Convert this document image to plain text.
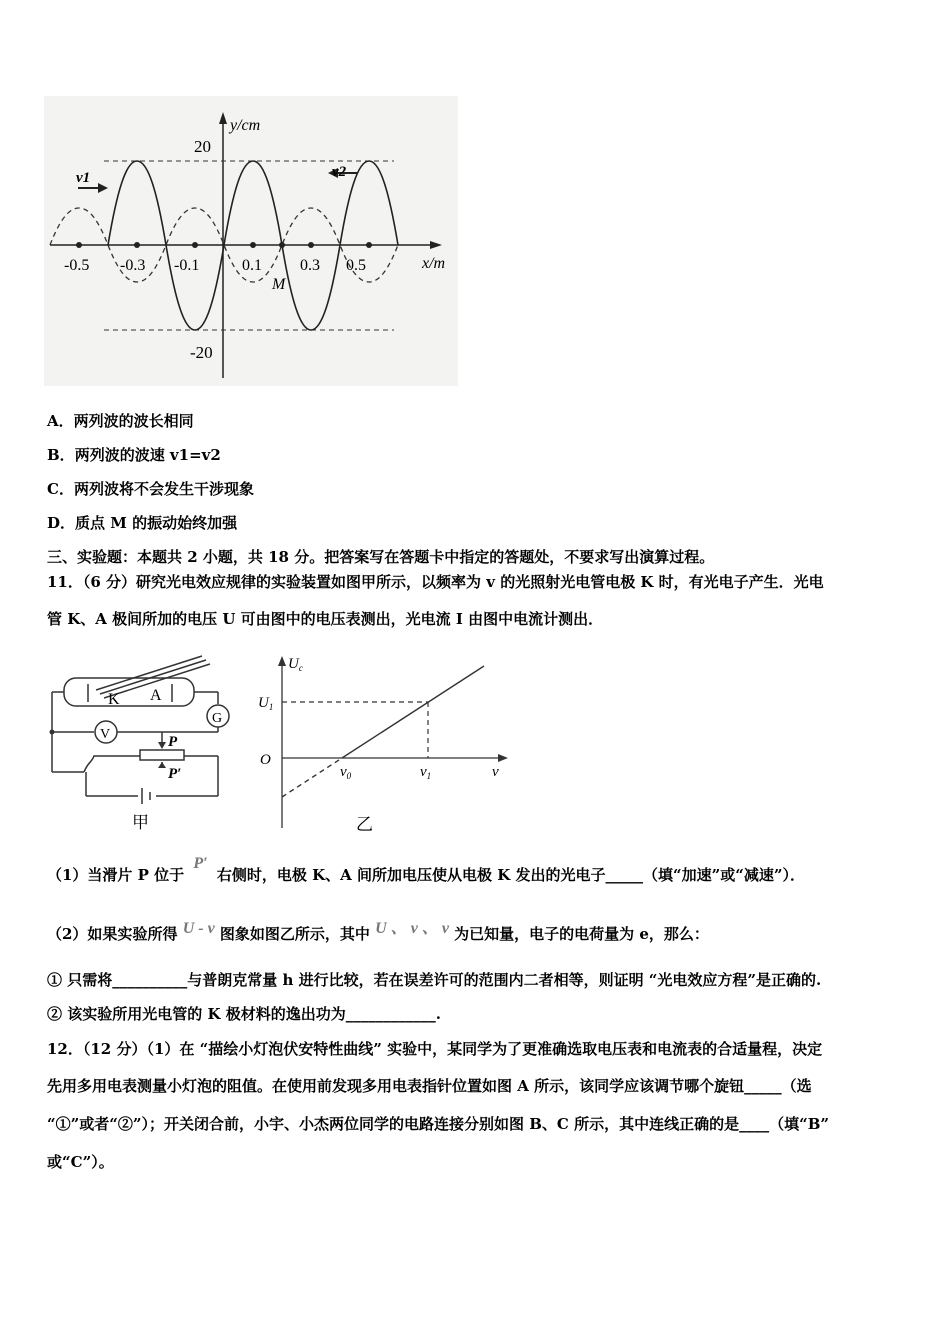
v1	v2
y/cm
x/m
20
-20
-0.5 -0.3 -0.1	0.1 0.3 0.5
M
A．两列波的波长相同
B．两列波的波速 v1=v2
C．两列波将不会发生干涉现象
D．质点 M 的振动始终加强
三、实验题：本题共 2 小题，共 18 分。把答案写在答题卡中指定的答题处，不要求写出演算过程。
11．（6 分）研究光电效应规律的实验装置如图甲所示，以频率为 v 的光照射光电管电极 K 时，有光电子产生．光电
管 K、A 极间所加的电压 U 可由图中的电压表测出，光电流 I 由图中电流计测出．
K A
G
V	P
P′
甲
$U_c$
$U_1$
O
$v_0$	$v_1$	v
乙
（1）当滑片 P 位于 P′ 右侧时，电极 K、A 间所加电压使从电极 K 发出的光电子_____（填“加速”或“减速”）．
（2）如果实验所得 U - v 图象如图乙所示，其中 U 、 v 、 v 为已知量，电子的电荷量为 e，那么：
① 只需将__________与普朗克常量 h 进行比较，若在误差许可的范围内二者相等，则证明 “光电效应方程”是正确的.
② 该实验所用光电管的 K 极材料的逸出功为____________.
12．（12 分）（1）在 “描绘小灯泡伏安特性曲线” 实验中，某同学为了更准确选取电压表和电流表的合适量程，决定
先用多用电表测量小灯泡的阻值。在使用前发现多用电表指针位置如图 A 所示，该同学应该调节哪个旋钮_____（选
“①”或者“②”）；开关闭合前，小宇、小杰两位同学的电路连接分别如图 B、C 所示，其中连线正确的是____（填“B”
或“C”）。
